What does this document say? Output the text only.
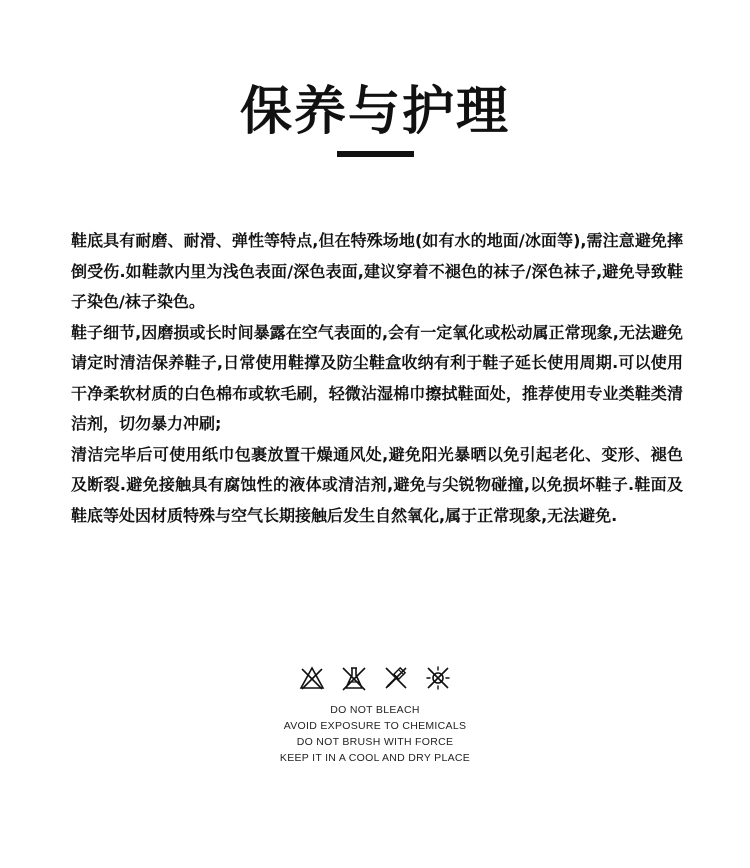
保养与护理

鞋底具有耐磨、耐滑、弹性等特点,但在特殊场地(如有水的地面/冰面等),需注意避免摔倒受伤.如鞋款内里为浅色表面/深色表面,建议穿着不褪色的袜子/深色袜子,避免导致鞋子染色/袜子染色。

鞋子细节,因磨损或长时间暴露在空气表面的,会有一定氧化或松动属正常现象,无法避免请定时清洁保养鞋子,日常使用鞋撑及防尘鞋盒收纳有利于鞋子延长使用周期.可以使用干净柔软材质的白色棉布或软毛刷，轻微沾湿棉巾擦拭鞋面处，推荐使用专业类鞋类清洁剂，切勿暴力冲刷;

清洁完毕后可使用纸巾包裹放置干燥通风处,避免阳光暴晒以免引起老化、变形、褪色及断裂.避免接触具有腐蚀性的液体或清洁剂,避免与尖锐物碰撞,以免损坏鞋子.鞋面及鞋底等处因材质特殊与空气长期接触后发生自然氧化,属于正常现象,无法避免.

DO NOT BLEACH
AVOID EXPOSURE TO CHEMICALS
DO NOT BRUSH WITH FORCE
KEEP IT IN A COOL AND DRY PLACE
